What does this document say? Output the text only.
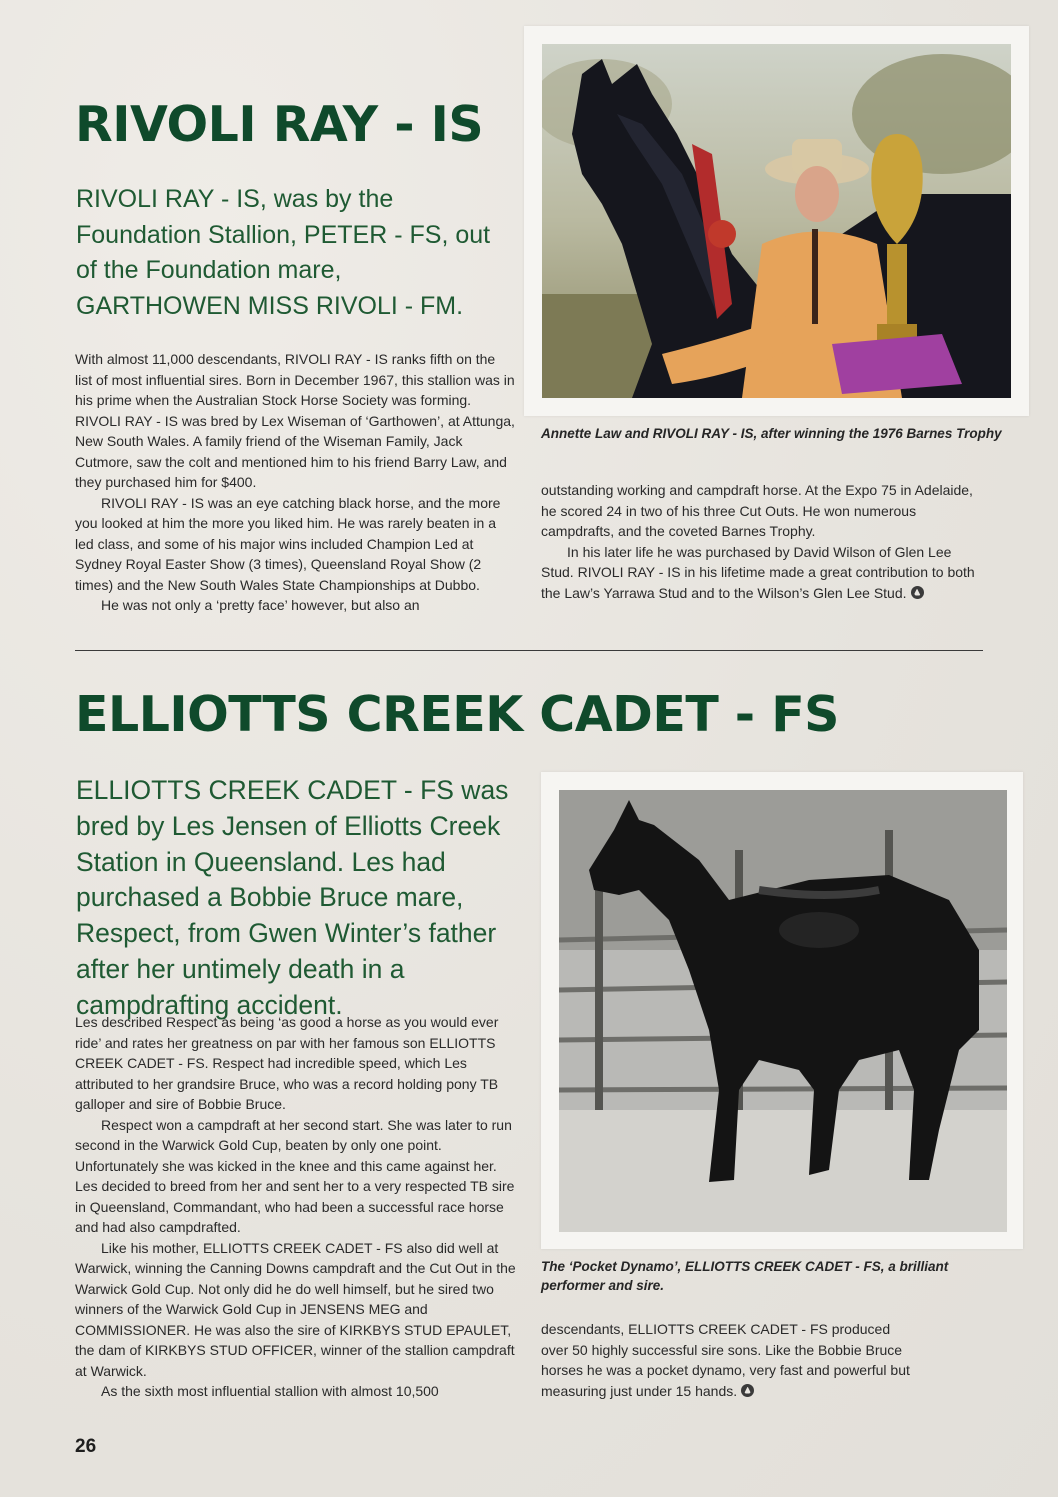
RIVOLI RAY - IS

RIVOLI RAY - IS, was by the Foundation Stallion, PETER - FS, out of the Foundation mare, GARTHOWEN MISS RIVOLI - FM.

With almost 11,000 descendants, RIVOLI RAY - IS ranks fifth on the list of most influential sires. Born in December 1967, this stallion was in his prime when the Australian Stock Horse Society was forming. RIVOLI RAY - IS was bred by Lex Wiseman of ‘Garthowen’, at Attunga, New South Wales. A family friend of the Wiseman Family, Jack Cutmore, saw the colt and mentioned him to his friend Barry Law, and they purchased him for $400.

RIVOLI RAY - IS was an eye catching black horse, and the more you looked at him the more you liked him. He was rarely beaten in a led class, and some of his major wins included Champion Led at Sydney Royal Easter Show (3 times), Queensland Royal Show (2 times) and the New South Wales State Championships at Dubbo.

He was not only a ‘pretty face’ however, but also an

Annette Law and RIVOLI RAY - IS, after winning the 1976 Barnes Trophy

outstanding working and campdraft horse. At the Expo 75 in Adelaide, he scored 24 in two of his three Cut Outs. He won numerous campdrafts, and the coveted Barnes Trophy.

In his later life he was purchased by David Wilson of Glen Lee Stud. RIVOLI RAY - IS in his lifetime made a great contribution to both the Law’s Yarrawa Stud and to the Wilson’s Glen Lee Stud.

ELLIOTTS CREEK CADET - FS

ELLIOTTS CREEK CADET - FS was bred by Les Jensen of Elliotts Creek Station in Queensland. Les had purchased a Bobbie Bruce mare, Respect, from Gwen Winter’s father after her untimely death in a campdrafting accident.

Les described Respect as being ‘as good a horse as you would ever ride’ and rates her greatness on par with her famous son ELLIOTTS CREEK CADET - FS. Respect had incredible speed, which Les attributed to her grandsire Bruce, who was a record holding pony TB galloper and sire of Bobbie Bruce.

Respect won a campdraft at her second start. She was later to run second in the Warwick Gold Cup, beaten by only one point. Unfortunately she was kicked in the knee and this came against her. Les decided to breed from her and sent her to a very respected TB sire in Queensland, Commandant, who had been a successful race horse and had also campdrafted.

Like his mother, ELLIOTTS CREEK CADET - FS also did well at Warwick, winning the Canning Downs campdraft and the Cut Out in the Warwick Gold Cup. Not only did he do well himself, but he sired two winners of the Warwick Gold Cup in JENSENS MEG and COMMISSIONER. He was also the sire of KIRKBYS STUD EPAULET, the dam of KIRKBYS STUD OFFICER, winner of the stallion campdraft at Warwick.

As the sixth most influential stallion with almost 10,500

The ‘Pocket Dynamo’, ELLIOTTS CREEK CADET - FS, a brilliant performer and sire.

descendants, ELLIOTTS CREEK CADET - FS produced over 50 highly successful sire sons. Like the Bobbie Bruce horses he was a pocket dynamo, very fast and powerful but measuring just under 15 hands.

26
